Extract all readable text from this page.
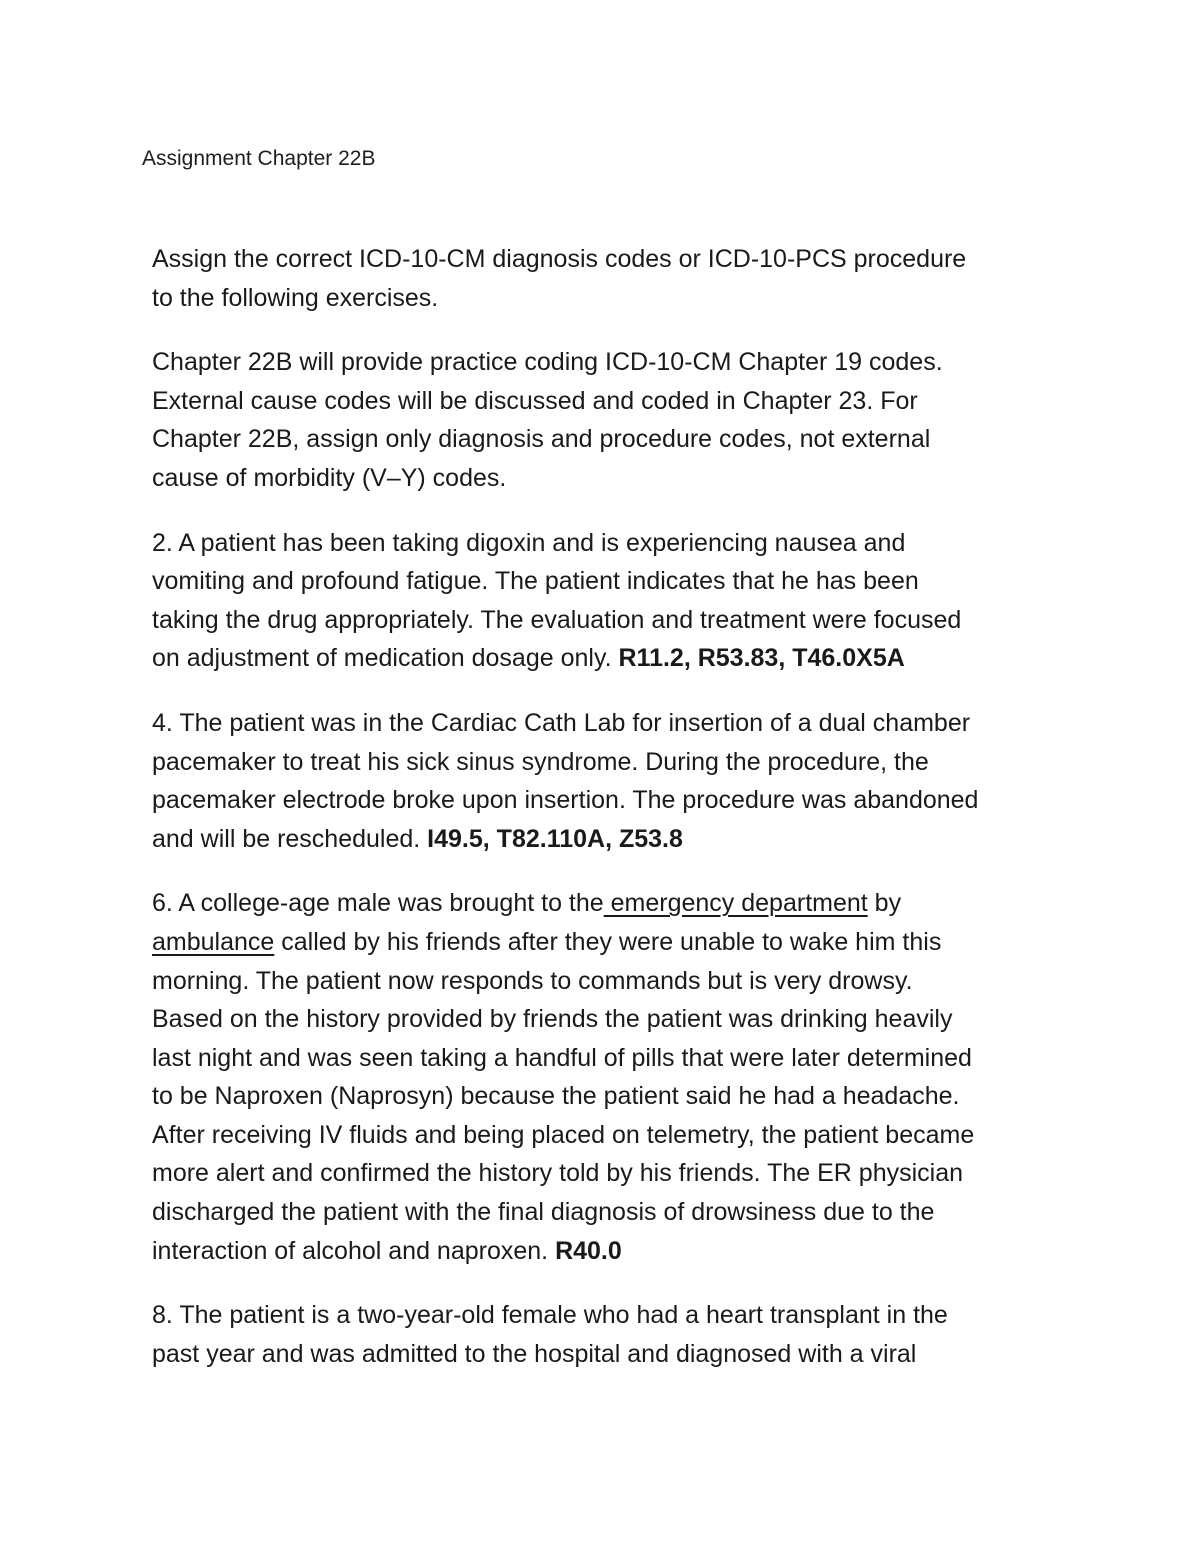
Assignment Chapter 22B

Assign the correct ICD-10-CM diagnosis codes or ICD-10-PCS procedure
to the following exercises.

Chapter 22B will provide practice coding ICD-10-CM Chapter 19 codes.
External cause codes will be discussed and coded in Chapter 23. For
Chapter 22B, assign only diagnosis and procedure codes, not external
cause of morbidity (V–Y) codes.

2. A patient has been taking digoxin and is experiencing nausea and
vomiting and profound fatigue. The patient indicates that he has been
taking the drug appropriately. The evaluation and treatment were focused
on adjustment of medication dosage only. R11.2, R53.83, T46.0X5A

4. The patient was in the Cardiac Cath Lab for insertion of a dual chamber
pacemaker to treat his sick sinus syndrome. During the procedure, the
pacemaker electrode broke upon insertion. The procedure was abandoned
and will be rescheduled. I49.5, T82.110A, Z53.8

6. A college-age male was brought to the emergency department by
ambulance called by his friends after they were unable to wake him this
morning. The patient now responds to commands but is very drowsy.
Based on the history provided by friends the patient was drinking heavily
last night and was seen taking a handful of pills that were later determined
to be Naproxen (Naprosyn) because the patient said he had a headache.
After receiving IV fluids and being placed on telemetry, the patient became
more alert and confirmed the history told by his friends. The ER physician
discharged the patient with the final diagnosis of drowsiness due to the
interaction of alcohol and naproxen. R40.0

8. The patient is a two-year-old female who had a heart transplant in the
past year and was admitted to the hospital and diagnosed with a viral
